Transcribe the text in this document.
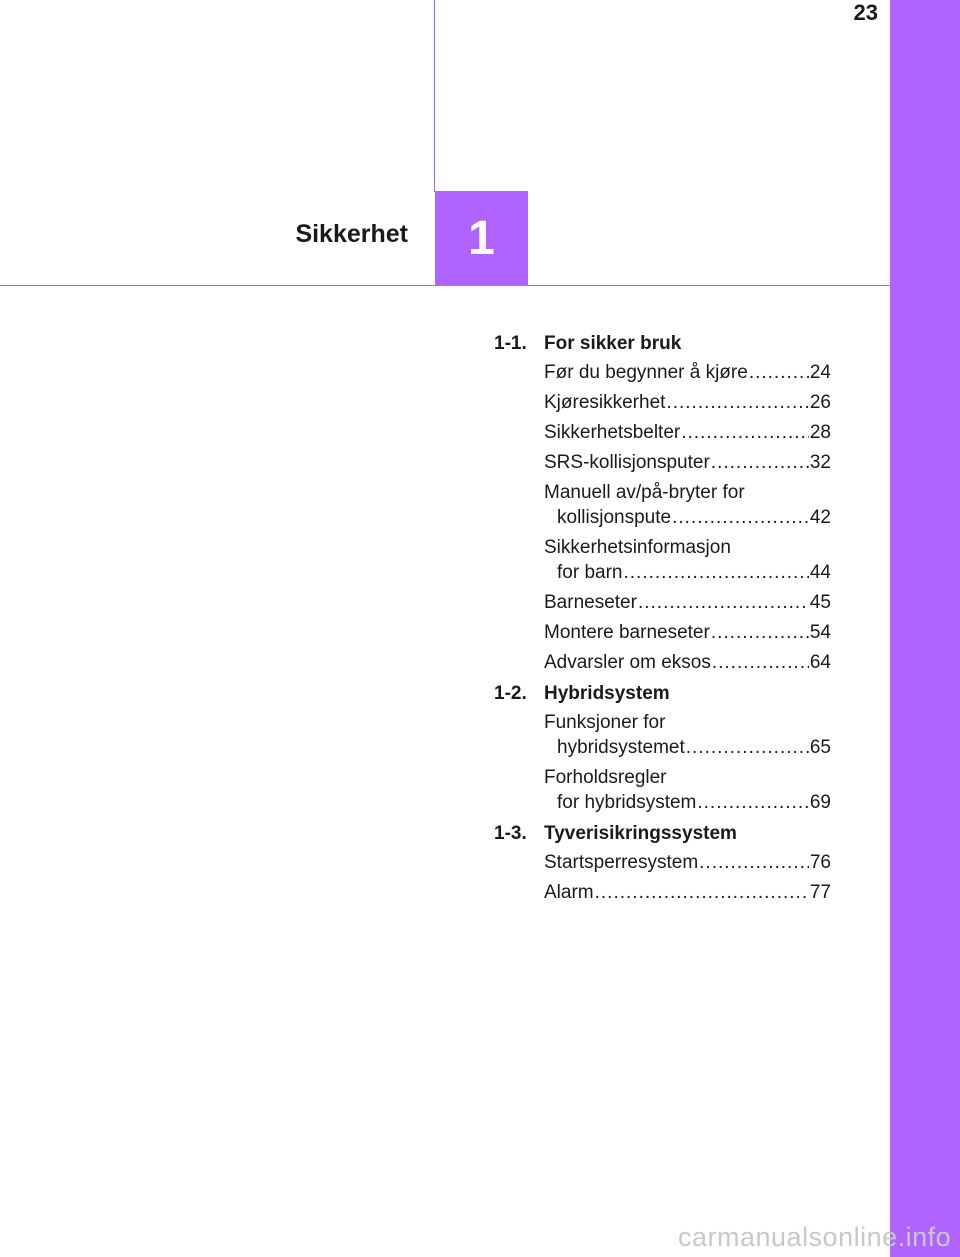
23
1
Sikkerhet
1-1. For sikker bruk
Før du begynner å kjøre .....	24
Kjøresikkerhet .....	26
Sikkerhetsbelter .....	28
SRS-kollisjonsputer .....	32
Manuell av/på-bryter for
kollisjonspute .....	42
Sikkerhetsinformasjon
for barn .....	44
Barneseter .....	45
Montere barneseter .....	54
Advarsler om eksos .....	64
1-2. Hybridsystem
Funksjoner for
hybridsystemet .....	65
Forholdsregler
for hybridsystem .....	69
1-3. Tyverisikringssystem
Startsperresystem .....	76
Alarm .....	77
carmanualsonline.info
